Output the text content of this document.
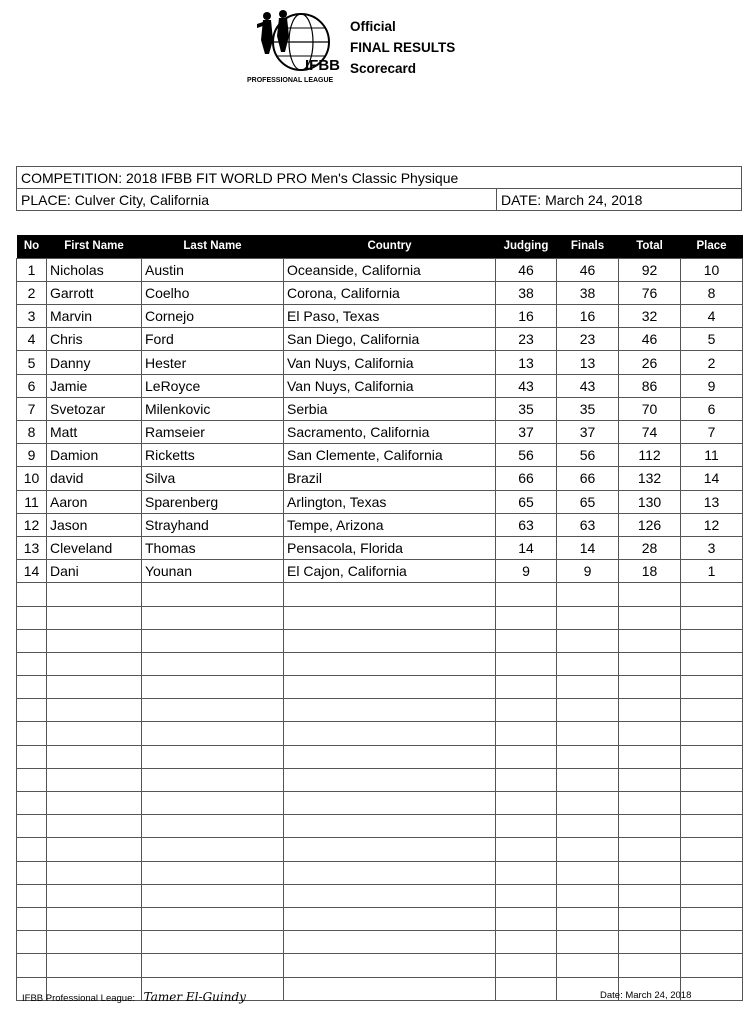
IFBB
PROFESSIONAL LEAGUE
Official
FINAL RESULTS
Scorecard
COMPETITION: 2018 IFBB FIT WORLD PRO Men's Classic Physique
PLACE: Culver City, California	DATE: March 24, 2018
No	First Name	Last Name	Country	Judging	Finals	Total	Place
1	Nicholas	Austin	Oceanside, California	46	46	92	10
2	Garrott	Coelho	Corona, California	38	38	76	8
3	Marvin	Cornejo	El Paso, Texas	16	16	32	4
4	Chris	Ford	San Diego, California	23	23	46	5
5	Danny	Hester	Van Nuys, California	13	13	26	2
6	Jamie	LeRoyce	Van Nuys, California	43	43	86	9
7	Svetozar	Milenkovic	Serbia	35	35	70	6
8	Matt	Ramseier	Sacramento, California	37	37	74	7
9	Damion	Ricketts	San Clemente, California	56	56	112	11
10	david	Silva	Brazil	66	66	132	14
11	Aaron	Sparenberg	Arlington, Texas	65	65	130	13
12	Jason	Strayhand	Tempe, Arizona	63	63	126	12
13	Cleveland	Thomas	Pensacola, Florida	14	14	28	3
14	Dani	Younan	El Cajon, California	9	9	18	1

IFBB Professional League: Tamer El-Guindy	Date: March 24, 2018
